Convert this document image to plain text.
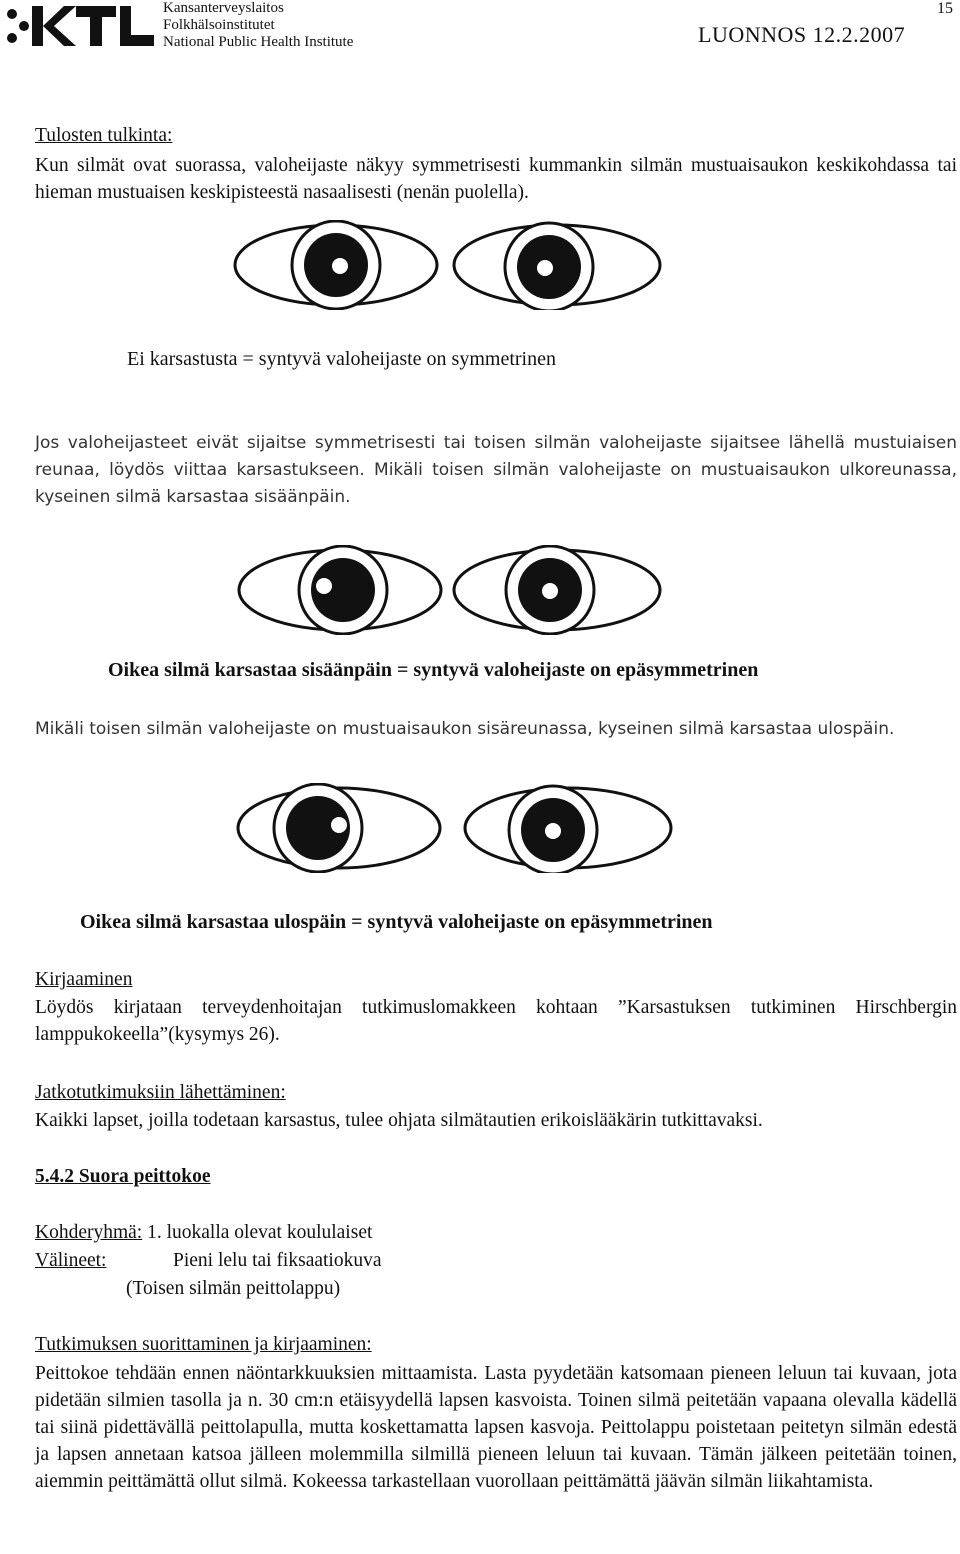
Kansanterveyslaitos
Folkhälsoinstitutet
National Public Health Institute	LUONNOS 12.2.2007
15
Tulosten tulkinta:
Kun silmät ovat suorassa, valoheijaste näkyy symmetrisesti kummankin silmän mustuaisaukon keskikohdassa tai hieman mustuaisen keskipisteestä nasaalisesti (nenän puolella).
Ei karsastusta = syntyvä valoheijaste on symmetrinen
Jos valoheijasteet eivät sijaitse symmetrisesti tai toisen silmän valoheijaste sijaitsee lähellä mustuiaisen reunaa, löydös viittaa karsastukseen. Mikäli toisen silmän valoheijaste on mustuaisaukon ulkoreunassa, kyseinen silmä karsastaa sisäänpäin.
Oikea silmä karsastaa sisäänpäin = syntyvä valoheijaste on epäsymmetrinen
Mikäli toisen silmän valoheijaste on mustuaisaukon sisäreunassa, kyseinen silmä karsastaa ulospäin.
Oikea silmä karsastaa ulospäin = syntyvä valoheijaste on epäsymmetrinen
Kirjaaminen
Löydös kirjataan terveydenhoitajan tutkimuslomakkeen kohtaan ”Karsastuksen tutkiminen Hirschbergin lamppukokeella”(kysymys 26).
Jatkotutkimuksiin lähettäminen:
Kaikki lapset, joilla todetaan karsastus, tulee ohjata silmätautien erikoislääkärin tutkittavaksi.
5.4.2 Suora peittokoe
Kohderyhmä: 1. luokalla olevat koululaiset
Välineet:	Pieni lelu tai fiksaatiokuva
(Toisen silmän peittolappu)
Tutkimuksen suorittaminen ja kirjaaminen:
Peittokoe tehdään ennen näöntarkkuuksien mittaamista. Lasta pyydetään katsomaan pieneen leluun tai kuvaan, jota pidetään silmien tasolla ja n. 30 cm:n etäisyydellä lapsen kasvoista. Toinen silmä peitetään vapaana olevalla kädellä tai siinä pidettävällä peittolapulla, mutta koskettamatta lapsen kasvoja. Peittolappu poistetaan peitetyn silmän edestä ja lapsen annetaan katsoa jälleen molemmilla silmillä pieneen leluun tai kuvaan. Tämän jälkeen peitetään toinen, aiemmin peittämättä ollut silmä. Kokeessa tarkastellaan vuorollaan peittämättä jäävän silmän liikahtamista.
